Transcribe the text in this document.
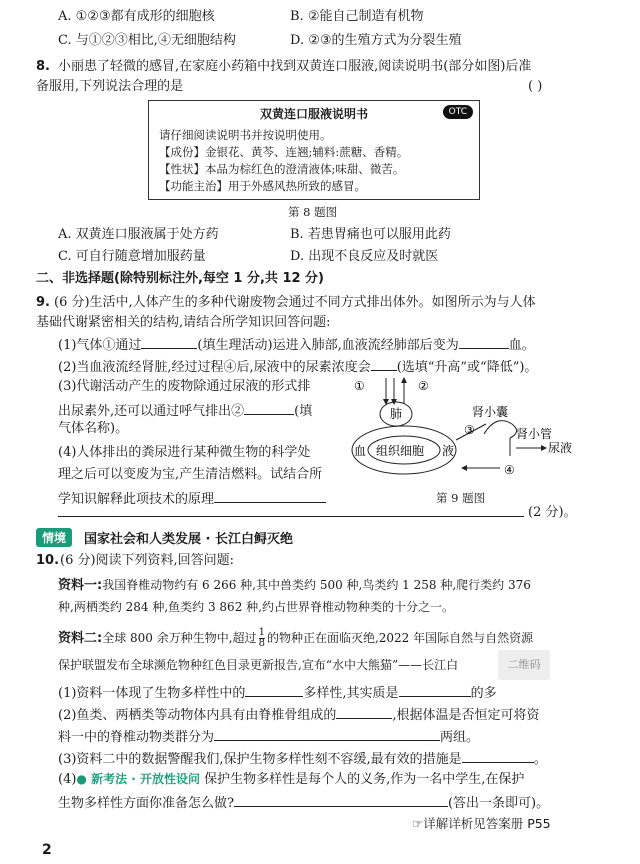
A. ①②③都有成形的细胞核	B. ②能自己制造有机物
C. 与①②③相比,④无细胞结构	D. ②③的生殖方式为分裂生殖
8. 小丽患了轻微的感冒,在家庭小药箱中找到双黄连口服液,阅读说明书(部分如图)后准
备服用,下列说法合理的是	( )
双黄连口服液说明书	OTC
请仔细阅读说明书并按说明使用。
【成份】金银花、黄芩、连翘;辅料:蔗糖、香精。
【性状】本品为棕红色的澄清液体;味甜、微苦。
【功能主治】用于外感风热所致的感冒。
第 8 题图
A. 双黄连口服液属于处方药	B. 若患胃痛也可以服用此药
C. 可自行随意增加服药量	D. 出现不良反应及时就医
二、非选择题(除特别标注外,每空 1 分,共 12 分)
9. (6 分)生活中,人体产生的多种代谢废物会通过不同方式排出体外。如图所示为与人体
基础代谢紧密相关的结构,请结合所学知识回答问题:
(1)气体①通过	(填生理活动)运进入肺部,血液流经肺部后变为	血。
(2)当血液流经肾脏,经过过程④后,尿液中的尿素浓度会 (选填“升高”或“降低”)。
(3)代谢活动产生的废物除通过尿液的形式排
出尿素外,还可以通过呼气排出②	(填
气体名称)。
(4)人体排出的粪尿进行某种微生物的科学处
理之后可以变废为宝,产生清洁燃料。试结合所
学知识解释此项技术的原理
(2 分)。
①	②
肺
血 组织细胞 液
肾小囊
肾小管
③
尿液
④
第 9 题图
情境	国家社会和人类发展 · 长江白鲟灭绝
10. (6 分)阅读下列资料,回答问题:
资料一:我国脊椎动物约有 6 266 种,其中兽类约 500 种,鸟类约 1 258 种,爬行类约 376
种,两栖类约 284 种,鱼类约 3 862 种,约占世界脊椎动物种类的十分之一。
资料二:全球 800 余万种生物中,超过 $\frac{1}{8}$ 的物种正在面临灭绝,2022 年国际自然与自然资源
保护联盟发布全球濒危物种红色目录更新报告,宣布“水中大熊猫”——长江白	二维码
(1)资料一体现了生物多样性中的	多样性,其实质是	的多
(2)鱼类、两栖类等动物体内具有由脊椎骨组成的	,根据体温是否恒定可将资
料一中的脊椎动物类群分为	两组。
(3)资料二中的数据警醒我们,保护生物多样性刻不容缓,最有效的措施是	。
(4)● 新考法 · 开放性设问 保护生物多样性是每个人的义务,作为一名中学生,在保护
生物多样性方面你准备怎么做?	(答出一条即可)。
☞详解详析见答案册 P55
2
